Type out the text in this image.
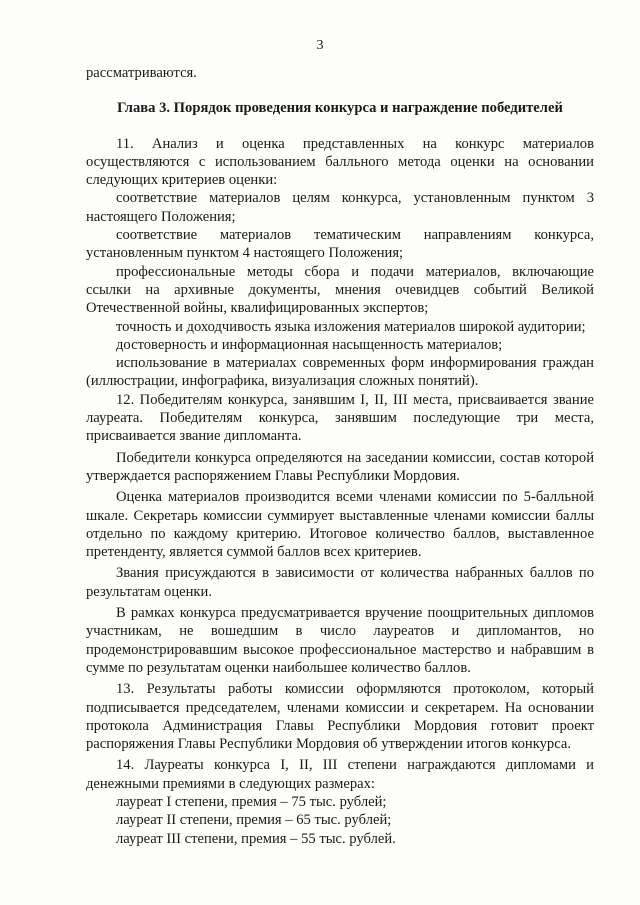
3

рассматриваются.

Глава 3. Порядок проведения конкурса и награждение победителей

11. Анализ и оценка представленных на конкурс материалов осуществляются с использованием балльного метода оценки на основании следующих критериев оценки:

соответствие материалов целям конкурса, установленным пунктом 3 настоящего Положения;

соответствие материалов тематическим направлениям конкурса, установленным пунктом 4 настоящего Положения;

профессиональные методы сбора и подачи материалов, включающие ссылки на архивные документы, мнения очевидцев событий Великой Отечественной войны, квалифицированных экспертов;

точность и доходчивость языка изложения материалов широкой аудитории;

достоверность и информационная насыщенность материалов;

использование в материалах современных форм информирования граждан (иллюстрации, инфографика, визуализация сложных понятий).

12. Победителям конкурса, занявшим I, II, III места, присваивается звание лауреата. Победителям конкурса, занявшим последующие три места, присваивается звание дипломанта.

Победители конкурса определяются на заседании комиссии, состав которой утверждается распоряжением Главы Республики Мордовия.

Оценка материалов производится всеми членами комиссии по 5-балльной шкале. Секретарь комиссии суммирует выставленные членами комиссии баллы отдельно по каждому критерию. Итоговое количество баллов, выставленное претенденту, является суммой баллов всех критериев.

Звания присуждаются в зависимости от количества набранных баллов по результатам оценки.

В рамках конкурса предусматривается вручение поощрительных дипломов участникам, не вошедшим в число лауреатов и дипломантов, но продемонстрировавшим высокое профессиональное мастерство и набравшим в сумме по результатам оценки наибольшее количество баллов.

13. Результаты работы комиссии оформляются протоколом, который подписывается председателем, членами комиссии и секретарем. На основании протокола Администрация Главы Республики Мордовия готовит проект распоряжения Главы Республики Мордовия об утверждении итогов конкурса.

14. Лауреаты конкурса I, II, III степени награждаются дипломами и денежными премиями в следующих размерах:

лауреат I степени, премия – 75 тыс. рублей;

лауреат II степени, премия – 65 тыс. рублей;

лауреат III степени, премия – 55 тыс. рублей.
